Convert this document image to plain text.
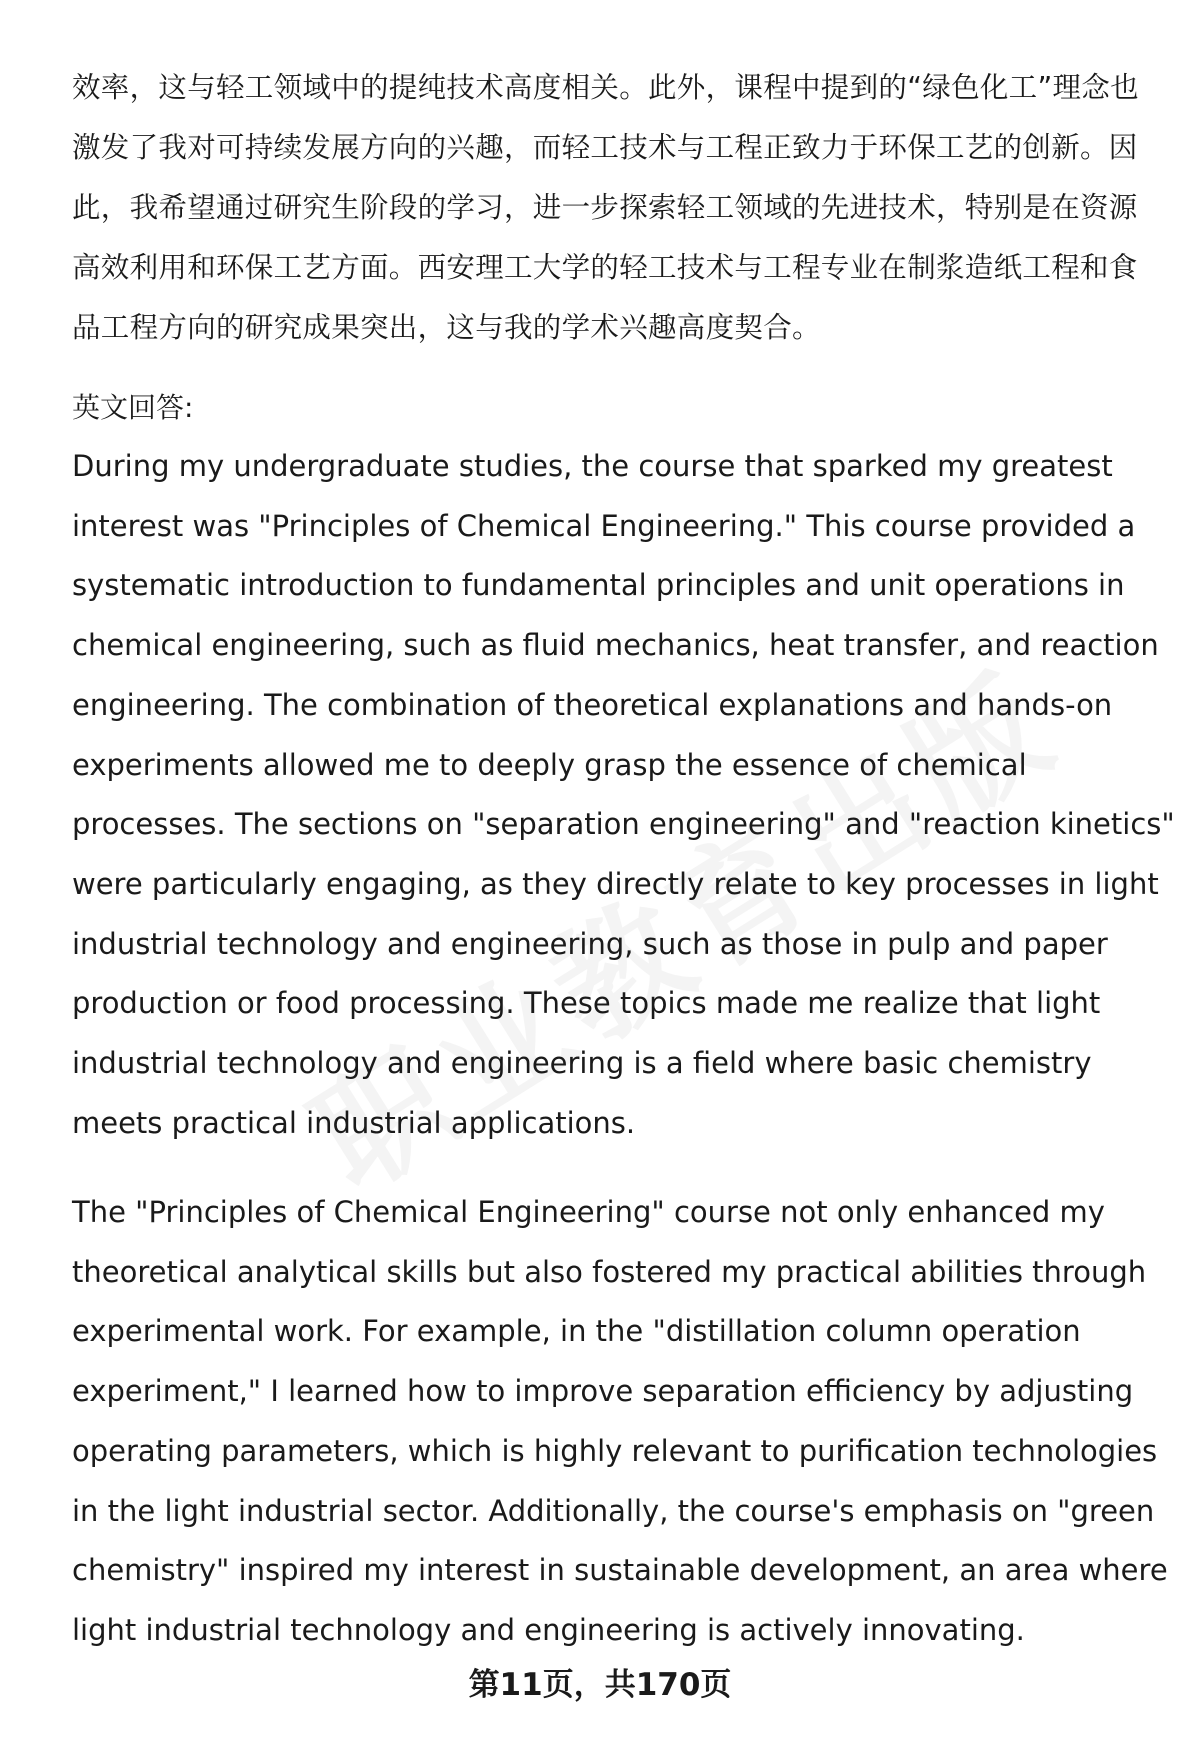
效率，这与轻工领域中的提纯技术高度相关。此外，课程中提到的“绿色化工”理念也激发了我对可持续发展方向的兴趣，而轻工技术与工程正致力于环保工艺的创新。因此，我希望通过研究生阶段的学习，进一步探索轻工领域的先进技术，特别是在资源高效利用和环保工艺方面。西安理工大学的轻工技术与工程专业在制浆造纸工程和食品工程方向的研究成果突出，这与我的学术兴趣高度契合。

英文回答:

During my undergraduate studies, the course that sparked my greatest interest was "Principles of Chemical Engineering." This course provided a systematic introduction to fundamental principles and unit operations in chemical engineering, such as fluid mechanics, heat transfer, and reaction engineering. The combination of theoretical explanations and hands-on experiments allowed me to deeply grasp the essence of chemical processes. The sections on "separation engineering" and "reaction kinetics" were particularly engaging, as they directly relate to key processes in light industrial technology and engineering, such as those in pulp and paper production or food processing. These topics made me realize that light industrial technology and engineering is a field where basic chemistry meets practical industrial applications.

The "Principles of Chemical Engineering" course not only enhanced my theoretical analytical skills but also fostered my practical abilities through experimental work. For example, in the "distillation column operation experiment," I learned how to improve separation efficiency by adjusting operating parameters, which is highly relevant to purification technologies in the light industrial sector. Additionally, the course's emphasis on "green chemistry" inspired my interest in sustainable development, an area where light industrial technology and engineering is actively innovating.

第11页，共170页
